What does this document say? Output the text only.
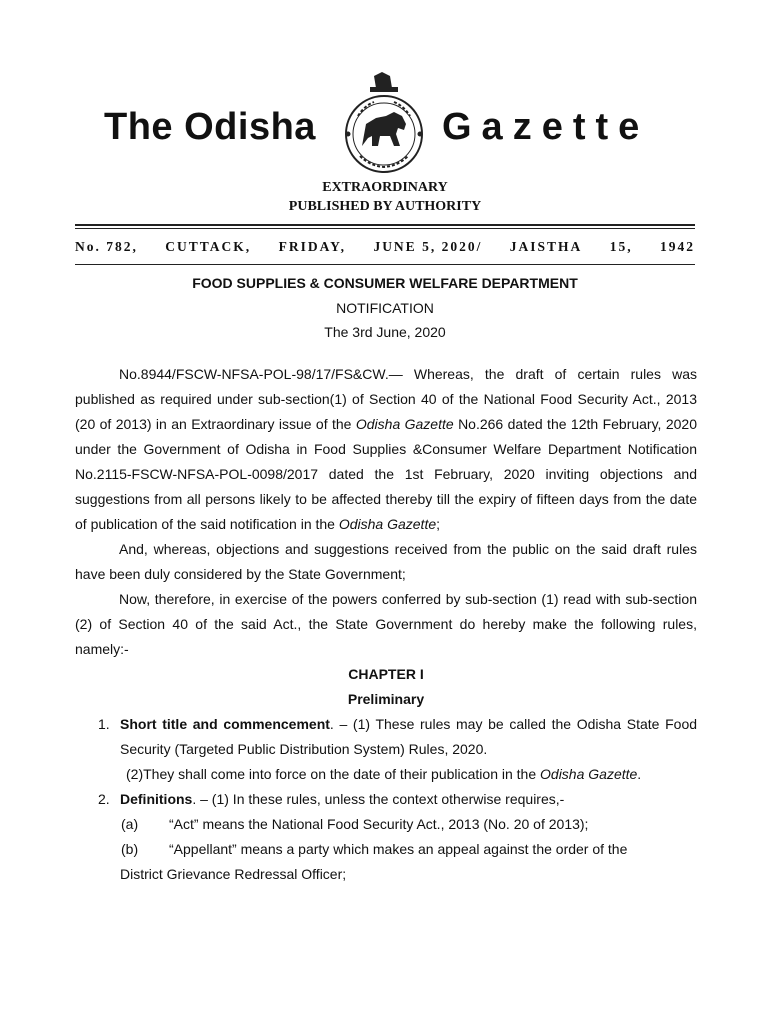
The Odisha	Gazette
EXTRAORDINARY
PUBLISHED BY AUTHORITY
No. 782, CUTTACK, FRIDAY, JUNE 5, 2020/ JAISTHA 15, 1942
FOOD SUPPLIES & CONSUMER WELFARE DEPARTMENT
NOTIFICATION
The 3rd June, 2020

No.8944/FSCW-NFSA-POL-98/17/FS&CW.— Whereas, the draft of certain rules was published as required under sub-section(1) of Section 40 of the National Food Security Act., 2013 (20 of 2013) in an Extraordinary issue of the Odisha Gazette No.266 dated the 12th February, 2020 under the Government of Odisha in Food Supplies &Consumer Welfare Department Notification No.2115-FSCW-NFSA-POL-0098/2017 dated the 1st February, 2020 inviting objections and suggestions from all persons likely to be affected thereby till the expiry of fifteen days from the date of publication of the said notification in the Odisha Gazette;

And, whereas, objections and suggestions received from the public on the said draft rules have been duly considered by the State Government;

Now, therefore, in exercise of the powers conferred by sub-section (1) read with sub-section (2) of Section 40 of the said Act., the State Government do hereby make the following rules, namely:-

CHAPTER I

Preliminary

1. Short title and commencement. – (1) These rules may be called the Odisha State Food Security (Targeted Public Distribution System) Rules, 2020.

(2)They shall come into force on the date of their publication in the Odisha Gazette.

2. Definitions. – (1) In these rules, unless the context otherwise requires,-

(a) “Act” means the National Food Security Act., 2013 (No. 20 of 2013);

(b) “Appellant” means a party which makes an appeal against the order of the

District Grievance Redressal Officer;
